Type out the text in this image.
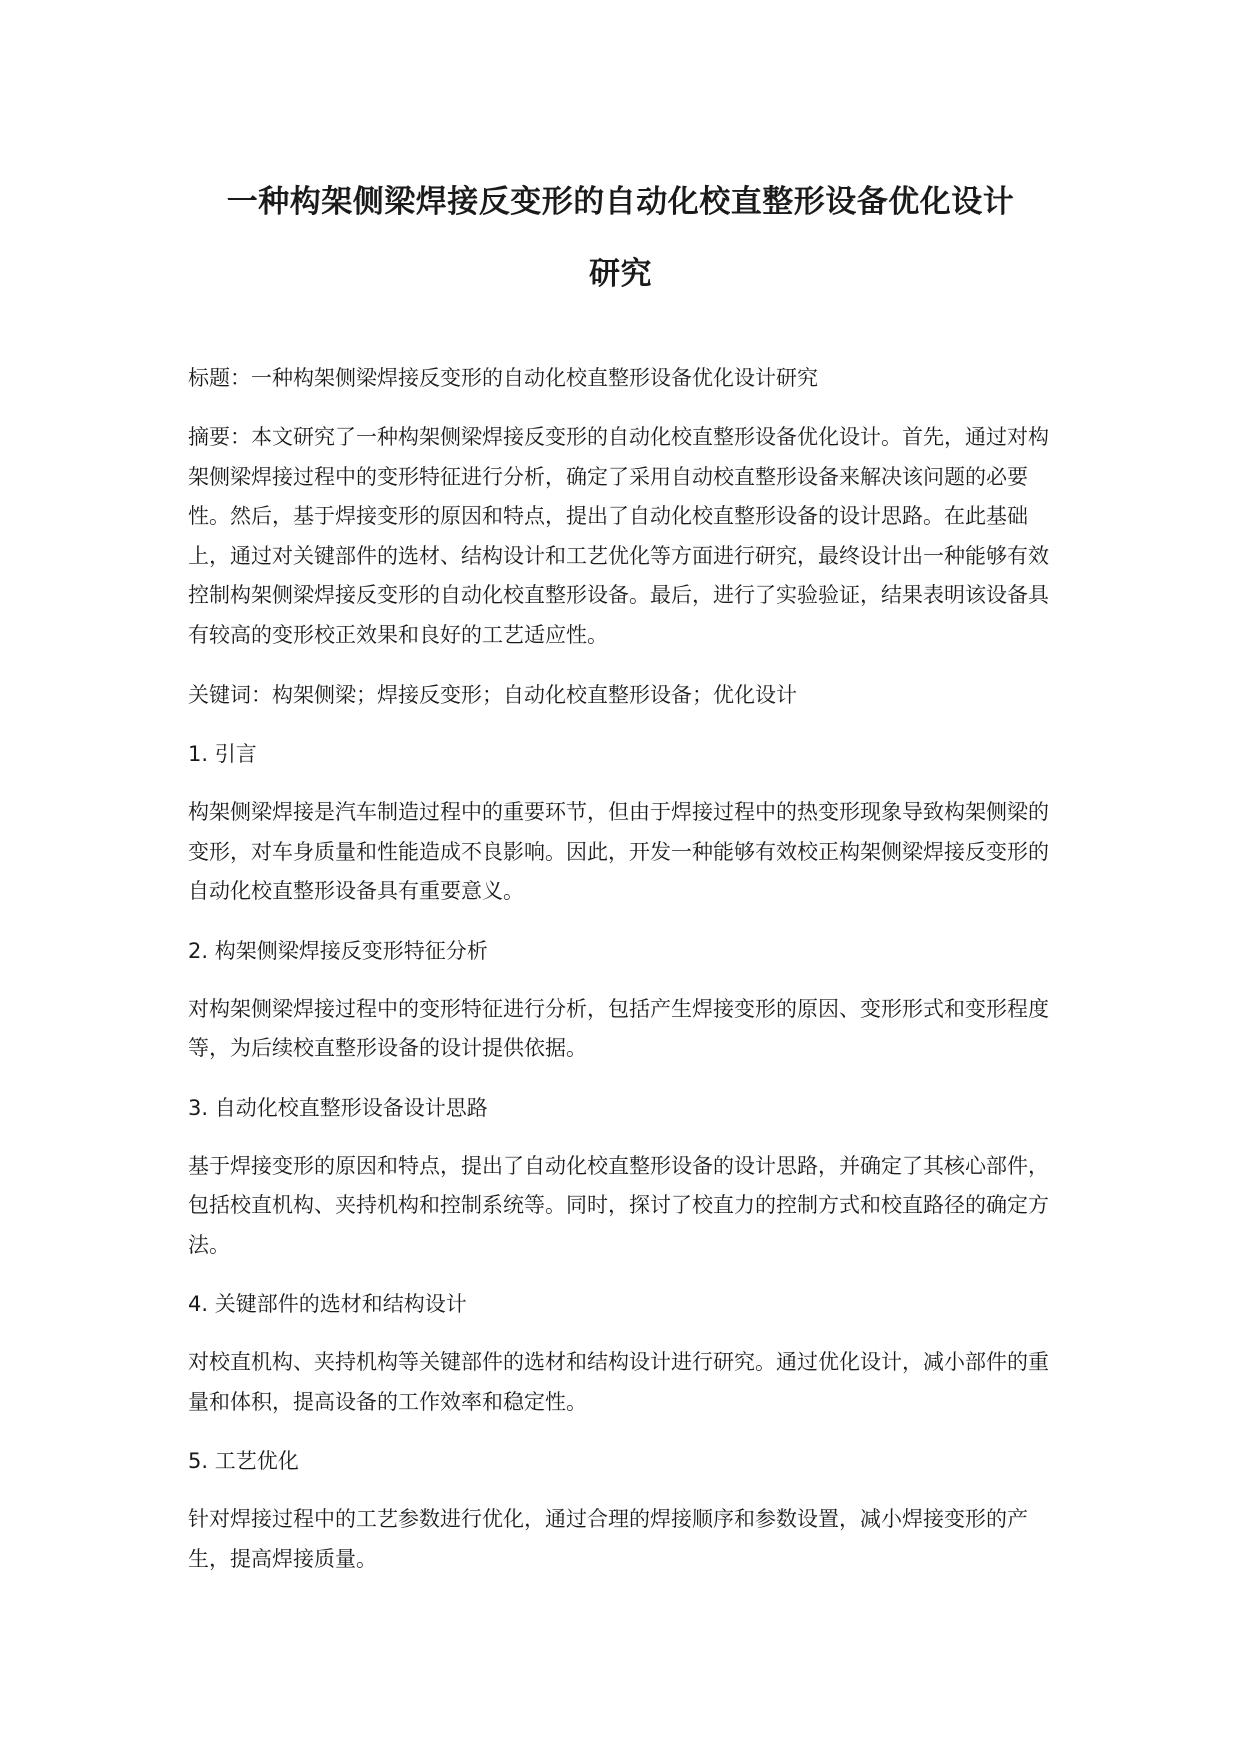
一种构架侧梁焊接反变形的自动化校直整形设备优化设计
研究

标题：一种构架侧梁焊接反变形的自动化校直整形设备优化设计研究

摘要：本文研究了一种构架侧梁焊接反变形的自动化校直整形设备优化设计。首先，通过对构架侧梁焊接过程中的变形特征进行分析，确定了采用自动校直整形设备来解决该问题的必要性。然后，基于焊接变形的原因和特点，提出了自动化校直整形设备的设计思路。在此基础上，通过对关键部件的选材、结构设计和工艺优化等方面进行研究，最终设计出一种能够有效控制构架侧梁焊接反变形的自动化校直整形设备。最后，进行了实验验证，结果表明该设备具有较高的变形校正效果和良好的工艺适应性。

关键词：构架侧梁；焊接反变形；自动化校直整形设备；优化设计

1. 引言

构架侧梁焊接是汽车制造过程中的重要环节，但由于焊接过程中的热变形现象导致构架侧梁的变形，对车身质量和性能造成不良影响。因此，开发一种能够有效校正构架侧梁焊接反变形的自动化校直整形设备具有重要意义。

2. 构架侧梁焊接反变形特征分析

对构架侧梁焊接过程中的变形特征进行分析，包括产生焊接变形的原因、变形形式和变形程度等，为后续校直整形设备的设计提供依据。

3. 自动化校直整形设备设计思路

基于焊接变形的原因和特点，提出了自动化校直整形设备的设计思路，并确定了其核心部件，包括校直机构、夹持机构和控制系统等。同时，探讨了校直力的控制方式和校直路径的确定方法。

4. 关键部件的选材和结构设计

对校直机构、夹持机构等关键部件的选材和结构设计进行研究。通过优化设计，减小部件的重量和体积，提高设备的工作效率和稳定性。

5. 工艺优化

针对焊接过程中的工艺参数进行优化，通过合理的焊接顺序和参数设置，减小焊接变形的产生，提高焊接质量。
